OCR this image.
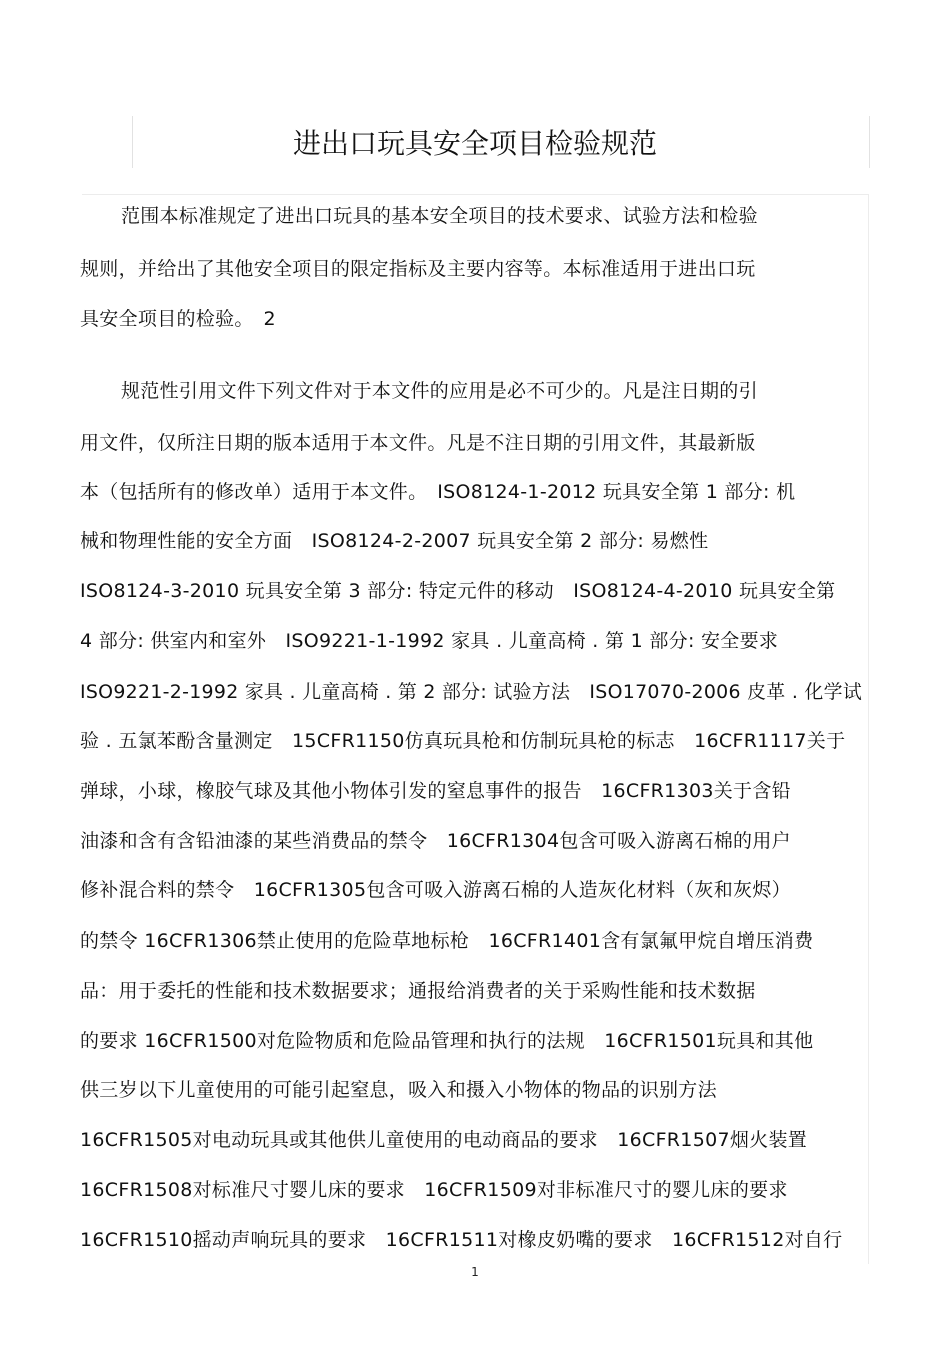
进出口玩具安全项目检验规范
范围本标准规定了进出口玩具的基本安全项目的技术要求、试验方法和检验
规则，并给出了其他安全项目的限定指标及主要内容等。本标准适用于进出口玩
具安全项目的检验。　2
规范性引用文件下列文件对于本文件的应用是必不可少的。凡是注日期的引
用文件，仅所注日期的版本适用于本文件。凡是不注日期的引用文件，其最新版
本（包括所有的修改单）适用于本文件。　ISO8124-1-2012 玩具安全第 1 部分: 机
械和物理性能的安全方面　ISO8124-2-2007 玩具安全第 2 部分: 易燃性
ISO8124-3-2010 玩具安全第 3 部分: 特定元件的移动　ISO8124-4-2010 玩具安全第
4 部分: 供室内和室外　ISO9221-1-1992 家具 . 儿童高椅 . 第 1 部分: 安全要求
ISO9221-2-1992 家具 . 儿童高椅 . 第 2 部分: 试验方法　ISO17070-2006 皮革 . 化学试
验 . 五氯苯酚含量测定　15CFR1150仿真玩具枪和仿制玩具枪的标志　16CFR1117关于
弹球，小球，橡胶气球及其他小物体引发的窒息事件的报告　16CFR1303关于含铅
油漆和含有含铅油漆的某些消费品的禁令　16CFR1304包含可吸入游离石棉的用户
修补混合料的禁令　16CFR1305包含可吸入游离石棉的人造灰化材料（灰和灰烬）
的禁令 16CFR1306禁止使用的危险草地标枪　16CFR1401含有氯氟甲烷自增压消费
品：用于委托的性能和技术数据要求；通报给消费者的关于采购性能和技术数据
的要求 16CFR1500对危险物质和危险品管理和执行的法规　16CFR1501玩具和其他
供三岁以下儿童使用的可能引起窒息，吸入和摄入小物体的物品的识别方法
16CFR1505对电动玩具或其他供儿童使用的电动商品的要求　16CFR1507烟火装置
16CFR1508对标准尺寸婴儿床的要求　16CFR1509对非标准尺寸的婴儿床的要求
16CFR1510摇动声响玩具的要求　16CFR1511对橡皮奶嘴的要求　16CFR1512对自行
1
